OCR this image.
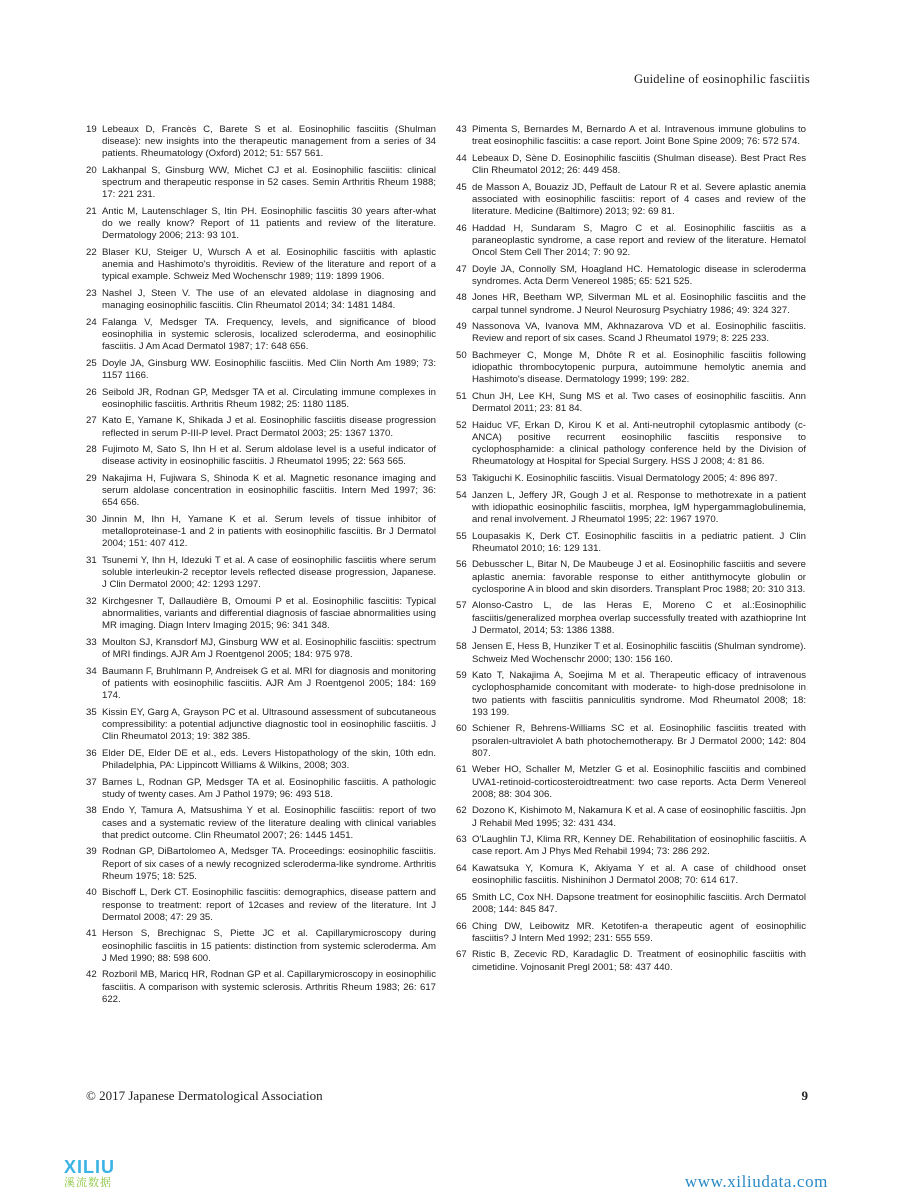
Guideline of eosinophilic fasciitis
19 Lebeaux D, Francès C, Barete S et al. Eosinophilic fasciitis (Shulman disease): new insights into the therapeutic management from a series of 34 patients. Rheumatology (Oxford) 2012; 51: 557 561.
20 Lakhanpal S, Ginsburg WW, Michet CJ et al. Eosinophilic fasciitis: clinical spectrum and therapeutic response in 52 cases. Semin Arthritis Rheum 1988; 17: 221 231.
21 Antic M, Lautenschlager S, Itin PH. Eosinophilic fasciitis 30 years after-what do we really know? Report of 11 patients and review of the literature. Dermatology 2006; 213: 93 101.
22 Blaser KU, Steiger U, Wursch A et al. Eosinophilic fasciitis with aplastic anemia and Hashimoto's thyroiditis. Review of the literature and report of a typical example. Schweiz Med Wochenschr 1989; 119: 1899 1906.
23 Nashel J, Steen V. The use of an elevated aldolase in diagnosing and managing eosinophilic fasciitis. Clin Rheumatol 2014; 34: 1481 1484.
24 Falanga V, Medsger TA. Frequency, levels, and significance of blood eosinophilia in systemic sclerosis, localized scleroderma, and eosinophilic fasciitis. J Am Acad Dermatol 1987; 17: 648 656.
25 Doyle JA, Ginsburg WW. Eosinophilic fasciitis. Med Clin North Am 1989; 73: 1157 1166.
26 Seibold JR, Rodnan GP, Medsger TA et al. Circulating immune complexes in eosinophilic fasciitis. Arthritis Rheum 1982; 25: 1180 1185.
27 Kato E, Yamane K, Shikada J et al. Eosinophilic fasciitis disease progression reflected in serum P-III-P level. Pract Dermatol 2003; 25: 1367 1370.
28 Fujimoto M, Sato S, Ihn H et al. Serum aldolase level is a useful indicator of disease activity in eosinophilic fasciitis. J Rheumatol 1995; 22: 563 565.
29 Nakajima H, Fujiwara S, Shinoda K et al. Magnetic resonance imaging and serum aldolase concentration in eosinophilic fasciitis. Intern Med 1997; 36: 654 656.
30 Jinnin M, Ihn H, Yamane K et al. Serum levels of tissue inhibitor of metalloproteinase-1 and 2 in patients with eosinophilic fasciitis. Br J Dermatol 2004; 151: 407 412.
31 Tsunemi Y, Ihn H, Idezuki T et al. A case of eosinophilic fasciitis where serum soluble interleukin-2 receptor levels reflected disease progression, Japanese. J Clin Dermatol 2000; 42: 1293 1297.
32 Kirchgesner T, Dallaudière B, Omoumi P et al. Eosinophilic fasciitis: Typical abnormalities, variants and differential diagnosis of fasciae abnormalities using MR imaging. Diagn Interv Imaging 2015; 96: 341 348.
33 Moulton SJ, Kransdorf MJ, Ginsburg WW et al. Eosinophilic fasciitis: spectrum of MRI findings. AJR Am J Roentgenol 2005; 184: 975 978.
34 Baumann F, Bruhlmann P, Andreisek G et al. MRI for diagnosis and monitoring of patients with eosinophilic fasciitis. AJR Am J Roentgenol 2005; 184: 169 174.
35 Kissin EY, Garg A, Grayson PC et al. Ultrasound assessment of subcutaneous compressibility: a potential adjunctive diagnostic tool in eosinophilic fasciitis. J Clin Rheumatol 2013; 19: 382 385.
36 Elder DE, Elder DE et al., eds. Levers Histopathology of the skin, 10th edn. Philadelphia, PA: Lippincott Williams & Wilkins, 2008; 303.
37 Barnes L, Rodnan GP, Medsger TA et al. Eosinophilic fasciitis. A pathologic study of twenty cases. Am J Pathol 1979; 96: 493 518.
38 Endo Y, Tamura A, Matsushima Y et al. Eosinophilic fasciitis: report of two cases and a systematic review of the literature dealing with clinical variables that predict outcome. Clin Rheumatol 2007; 26: 1445 1451.
39 Rodnan GP, DiBartolomeo A, Medsger TA. Proceedings: eosinophilic fasciitis. Report of six cases of a newly recognized scleroderma-like syndrome. Arthritis Rheum 1975; 18: 525.
40 Bischoff L, Derk CT. Eosinophilic fasciitis: demographics, disease pattern and response to treatment: report of 12cases and review of the literature. Int J Dermatol 2008; 47: 29 35.
41 Herson S, Brechignac S, Piette JC et al. Capillarymicroscopy during eosinophilic fasciitis in 15 patients: distinction from systemic scleroderma. Am J Med 1990; 88: 598 600.
42 Rozboril MB, Maricq HR, Rodnan GP et al. Capillarymicroscopy in eosinophilic fasciitis. A comparison with systemic sclerosis. Arthritis Rheum 1983; 26: 617 622.
43 Pimenta S, Bernardes M, Bernardo A et al. Intravenous immune globulins to treat eosinophilic fasciitis: a case report. Joint Bone Spine 2009; 76: 572 574.
44 Lebeaux D, Sène D. Eosinophilic fasciitis (Shulman disease). Best Pract Res Clin Rheumatol 2012; 26: 449 458.
45 de Masson A, Bouaziz JD, Peffault de Latour R et al. Severe aplastic anemia associated with eosinophilic fasciitis: report of 4 cases and review of the literature. Medicine (Baltimore) 2013; 92: 69 81.
46 Haddad H, Sundaram S, Magro C et al. Eosinophilic fasciitis as a paraneoplastic syndrome, a case report and review of the literature. Hematol Oncol Stem Cell Ther 2014; 7: 90 92.
47 Doyle JA, Connolly SM, Hoagland HC. Hematologic disease in scleroderma syndromes. Acta Derm Venereol 1985; 65: 521 525.
48 Jones HR, Beetham WP, Silverman ML et al. Eosinophilic fasciitis and the carpal tunnel syndrome. J Neurol Neurosurg Psychiatry 1986; 49: 324 327.
49 Nassonova VA, Ivanova MM, Akhnazarova VD et al. Eosinophilic fasciitis. Review and report of six cases. Scand J Rheumatol 1979; 8: 225 233.
50 Bachmeyer C, Monge M, Dhôte R et al. Eosinophilic fasciitis following idiopathic thrombocytopenic purpura, autoimmune hemolytic anemia and Hashimoto's disease. Dermatology 1999; 199: 282.
51 Chun JH, Lee KH, Sung MS et al. Two cases of eosinophilic fasciitis. Ann Dermatol 2011; 23: 81 84.
52 Haiduc VF, Erkan D, Kirou K et al. Anti-neutrophil cytoplasmic antibody (c-ANCA) positive recurrent eosinophilic fasciitis responsive to cyclophosphamide: a clinical pathology conference held by the Division of Rheumatology at Hospital for Special Surgery. HSS J 2008; 4: 81 86.
53 Takiguchi K. Eosinophilic fasciitis. Visual Dermatology 2005; 4: 896 897.
54 Janzen L, Jeffery JR, Gough J et al. Response to methotrexate in a patient with idiopathic eosinophilic fasciitis, morphea, IgM hypergammaglobulinemia, and renal involvement. J Rheumatol 1995; 22: 1967 1970.
55 Loupasakis K, Derk CT. Eosinophilic fasciitis in a pediatric patient. J Clin Rheumatol 2010; 16: 129 131.
56 Debusscher L, Bitar N, De Maubeuge J et al. Eosinophilic fasciitis and severe aplastic anemia: favorable response to either antithymocyte globulin or cyclosporine A in blood and skin disorders. Transplant Proc 1988; 20: 310 313.
57 Alonso-Castro L, de las Heras E, Moreno C et al.:Eosinophilic fasciitis/generalized morphea overlap successfully treated with azathioprine Int J Dermatol, 2014; 53: 1386 1388.
58 Jensen E, Hess B, Hunziker T et al. Eosinophilic fasciitis (Shulman syndrome). Schweiz Med Wochenschr 2000; 130: 156 160.
59 Kato T, Nakajima A, Soejima M et al. Therapeutic efficacy of intravenous cyclophosphamide concomitant with moderate- to high-dose prednisolone in two patients with fasciitis panniculitis syndrome. Mod Rheumatol 2008; 18: 193 199.
60 Schiener R, Behrens-Williams SC et al. Eosinophilic fasciitis treated with psoralen-ultraviolet A bath photochemotherapy. Br J Dermatol 2000; 142: 804 807.
61 Weber HO, Schaller M, Metzler G et al. Eosinophilic fasciitis and combined UVA1-retinoid-corticosteroidtreatment: two case reports. Acta Derm Venereol 2008; 88: 304 306.
62 Dozono K, Kishimoto M, Nakamura K et al. A case of eosinophilic fasciitis. Jpn J Rehabil Med 1995; 32: 431 434.
63 O'Laughlin TJ, Klima RR, Kenney DE. Rehabilitation of eosinophilic fasciitis. A case report. Am J Phys Med Rehabil 1994; 73: 286 292.
64 Kawatsuka Y, Komura K, Akiyama Y et al. A case of childhood onset eosinophilic fasciitis. Nishinihon J Dermatol 2008; 70: 614 617.
65 Smith LC, Cox NH. Dapsone treatment for eosinophilic fasciitis. Arch Dermatol 2008; 144: 845 847.
66 Ching DW, Leibowitz MR. Ketotifen-a therapeutic agent of eosinophilic fasciitis? J Intern Med 1992; 231: 555 559.
67 Ristic B, Zecevic RD, Karadaglic D. Treatment of eosinophilic fasciitis with cimetidine. Vojnosanit Pregl 2001; 58: 437 440.
© 2017 Japanese Dermatological Association	9
XILIU
溪流数据	www.xiliudata.com
